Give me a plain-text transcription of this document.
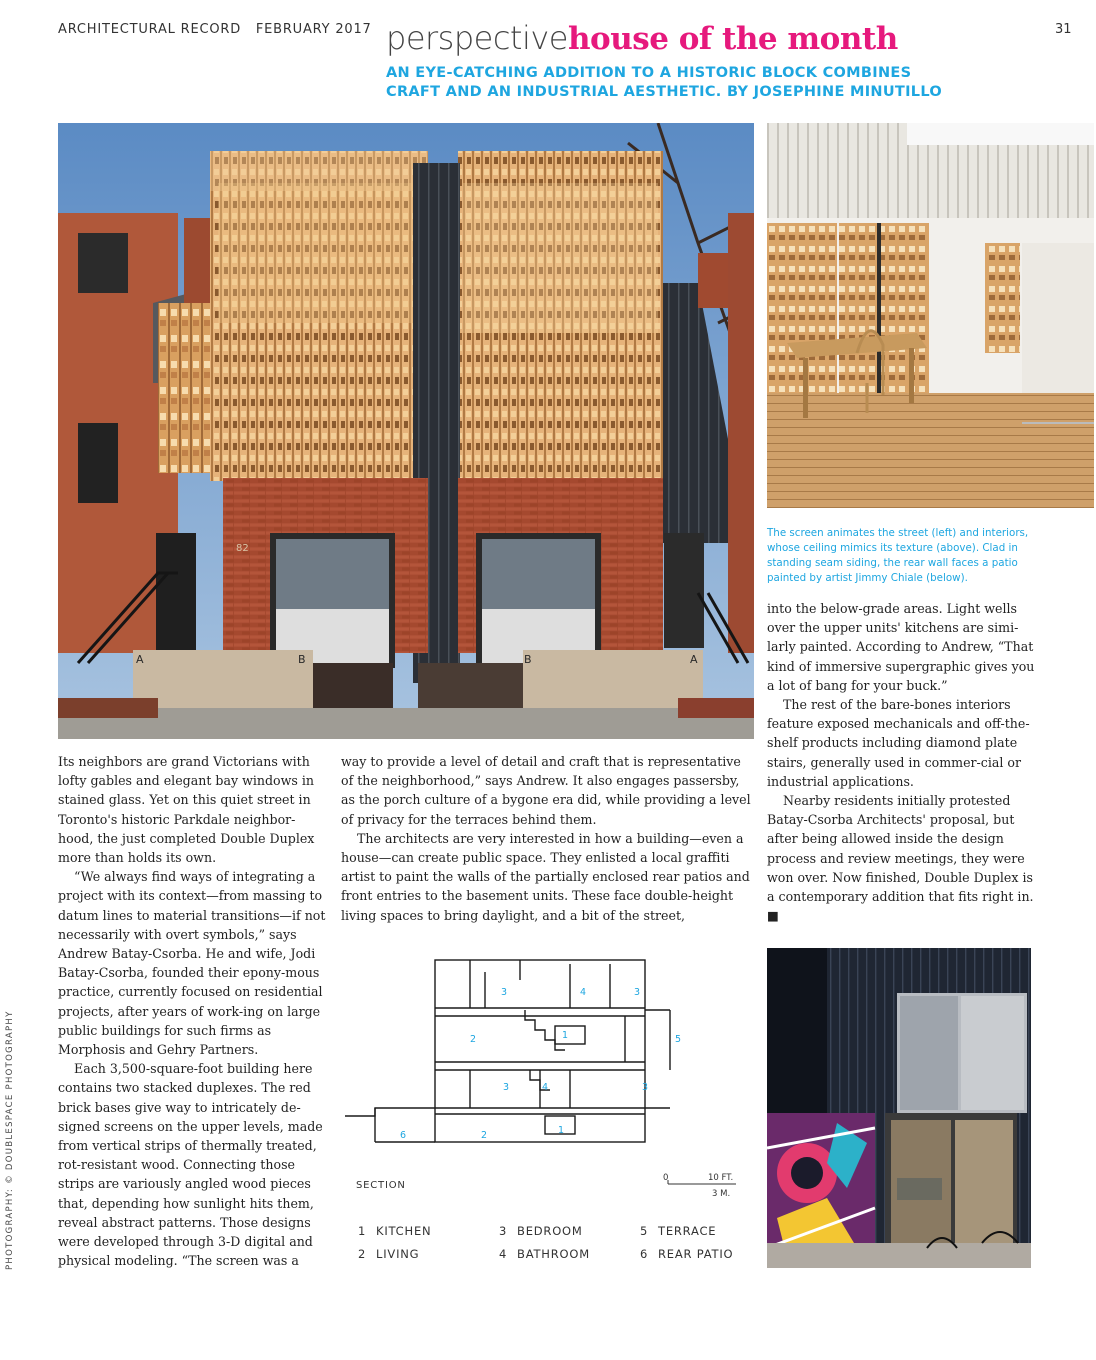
ARCHITECTURAL RECORD   FEBRUARY 2017 perspectivehouse of the month	31
AN EYE-CATCHING ADDITION TO A HISTORIC BLOCK COMBINES
CRAFT AND AN INDUSTRIAL AESTHETIC. BY JOSEPHINE MINUTILLO
A	B	B	A
82
The screen animates the street (left) and interiors, whose ceiling mimics its texture (above). Clad in standing seam siding, the rear wall faces a patio painted by artist Jimmy Chiale (below).

Its neighbors are grand Victorians with lofty gables and elegant bay windows in stained glass. Yet on this quiet street in Toronto's historic Parkdale neighbor-hood, the just completed Double Duplex more than holds its own.

“We always find ways of integrating a project with its context—from massing to datum lines to material transitions—if not necessarily with overt symbols,” says Andrew Batay-Csorba. He and wife, Jodi Batay-Csorba, founded their epony-mous practice, currently focused on residential projects, after years of work-ing on large public buildings for such firms as Morphosis and Gehry Partners.

Each 3,500-square-foot building here contains two stacked duplexes. The red brick bases give way to intricately de-signed screens on the upper levels, made from vertical strips of thermally treated, rot-resistant wood. Connecting those strips are variously angled wood pieces that, depending how sunlight hits them, reveal abstract patterns. Those designs were developed through 3-D digital and physical modeling. “The screen was a

way to provide a level of detail and craft that is representative of the neighborhood,” says Andrew. It also engages passersby, as the porch culture of a bygone era did, while providing a level of privacy for the terraces behind them.

The architects are very interested in how a building—even a house—can create public space. They enlisted a local graffiti artist to paint the walls of the partially enclosed rear patios and front entries to the basement units. These face double-height living spaces to bring daylight, and a bit of the street,

into the below-grade areas. Light wells over the upper units' kitchens are simi-larly painted. According to Andrew, “That kind of immersive supergraphic gives you a lot of bang for your buck.”

The rest of the bare-bones interiors feature exposed mechanicals and off-the-shelf products including diamond plate stairs, generally used in commer-cial or industrial applications.

Nearby residents initially protested Batay-Csorba Architects' proposal, but after being allowed inside the design process and review meetings, they were won over. Now finished, Double Duplex is a contemporary addition that fits right in. ■

PHOTOGRAPHY: © DOUBLESPACE PHOTOGRAPHY
3	4	3
2	1	5
3	4	3
6	2	1
SECTION
0	10 FT.
3 M.
1 KITCHEN
2 LIVING
3 BEDROOM
4 BATHROOM
5 TERRACE
6 REAR PATIO
